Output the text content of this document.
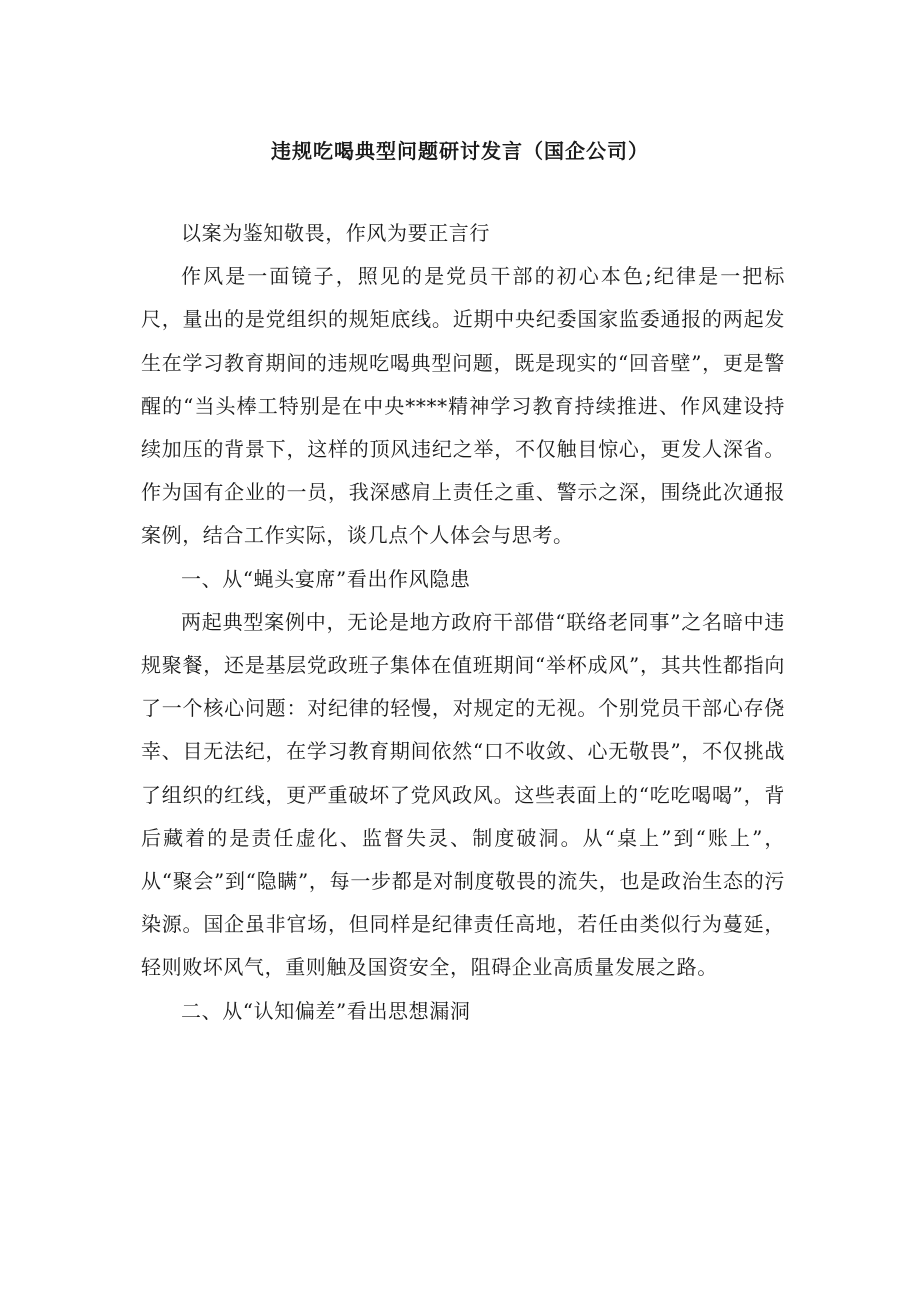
违规吃喝典型问题研讨发言（国企公司）

以案为鉴知敬畏，作风为要正言行

作风是一面镜子，照见的是党员干部的初心本色;纪律是一把标尺，量出的是党组织的规矩底线。近期中央纪委国家监委通报的两起发生在学习教育期间的违规吃喝典型问题，既是现实的“回音壁”，更是警醒的“当头棒工特别是在中央****精神学习教育持续推进、作风建设持续加压的背景下，这样的顶风违纪之举，不仅触目惊心，更发人深省。作为国有企业的一员，我深感肩上责任之重、警示之深，围绕此次通报案例，结合工作实际，谈几点个人体会与思考。

一、从“蝇头宴席”看出作风隐患

两起典型案例中，无论是地方政府干部借“联络老同事”之名暗中违规聚餐，还是基层党政班子集体在值班期间“举杯成风”，其共性都指向了一个核心问题：对纪律的轻慢，对规定的无视。个别党员干部心存侥幸、目无法纪，在学习教育期间依然“口不收敛、心无敬畏”，不仅挑战了组织的红线，更严重破坏了党风政风。这些表面上的“吃吃喝喝”，背后藏着的是责任虚化、监督失灵、制度破洞。从“桌上”到“账上”，从“聚会”到“隐瞒”，每一步都是对制度敬畏的流失，也是政治生态的污染源。国企虽非官场，但同样是纪律责任高地，若任由类似行为蔓延，轻则败坏风气，重则触及国资安全，阻碍企业高质量发展之路。

二、从“认知偏差”看出思想漏洞
